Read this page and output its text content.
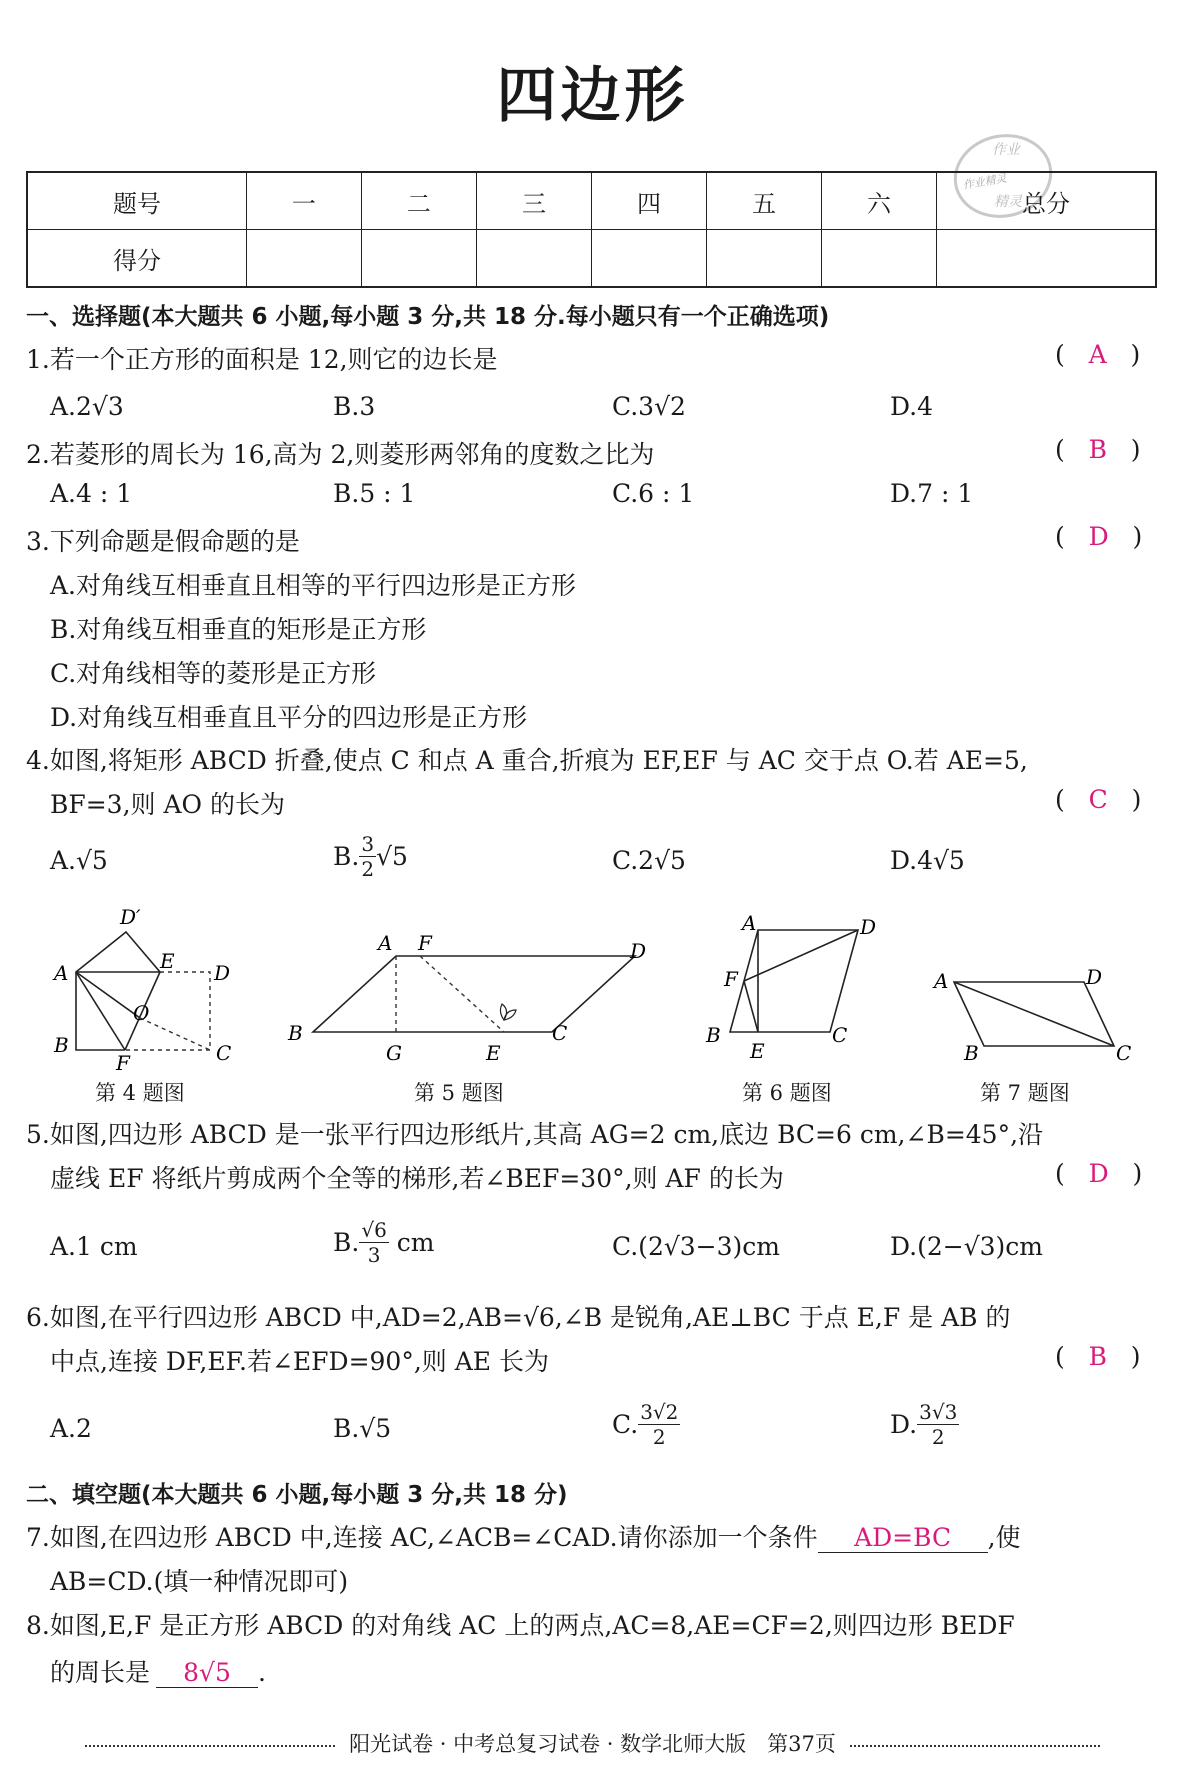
四边形
作业
作业精灵
精灵
题号	一	二	三	四	五	六	总分
得分							
一、选择题(本大题共 6 小题,每小题 3 分,共 18 分.每小题只有一个正确选项)
1.若一个正方形的面积是 12,则它的边长是	(   A   )
A.2√3	B.3	C.3√2	D.4
2.若菱形的周长为 16,高为 2,则菱形两邻角的度数之比为	(   B   )
A.4 : 1	B.5 : 1	C.6 : 1	D.7 : 1
3.下列命题是假命题的是	(   D   )
A.对角线互相垂直且相等的平行四边形是正方形
B.对角线互相垂直的矩形是正方形
C.对角线相等的菱形是正方形
D.对角线互相垂直且平分的四边形是正方形
4.如图,将矩形 ABCD 折叠,使点 C 和点 A 重合,折痕为 EF,EF 与 AC 交于点 O.若 AE=5,
BF=3,则 AO 的长为	(   C   )
A.√5	B. $\frac{3}{2} √5$	C.2√5	D.4√5
D′
A	E D
O
B
F	C
第 4 题图
A F	D
B
G	E
C
第 5 题图
A	D
F
B
E
C
第 6 题图
A	D
B	C
第 7 题图
5.如图,四边形 ABCD 是一张平行四边形纸片,其高 AG=2 cm,底边 BC=6 cm,∠B=45°,沿
虚线 EF 将纸片剪成两个全等的梯形,若∠BEF=30°,则 AF 的长为	(   D   )
A.1 cm	B. $\frac{√6}{3}$ cm	C.(2√3−3)cm	D.(2−√3)cm
6.如图,在平行四边形 ABCD 中,AD=2,AB=√6,∠B 是锐角,AE⊥BC 于点 E,F 是 AB 的
中点,连接 DF,EF.若∠EFD=90°,则 AE 长为	(   B   )
A.2	B.√5	C. $\frac{3√2}{2}$	D. $\frac{3√3}{2}$
二、填空题(本大题共 6 小题,每小题 3 分,共 18 分)
7.如图,在四边形 ABCD 中,连接 AC,∠ACB=∠CAD.请你添加一个条件 AD=BC ,使
AB=CD.(填一种情况即可)
8.如图,E,F 是正方形 ABCD 的对角线 AC 上的两点,AC=8,AE=CF=2,则四边形 BEDF
的周长是 8√5 .
阳光试卷 · 中考总复习试卷 · 数学北师大版　第37页
